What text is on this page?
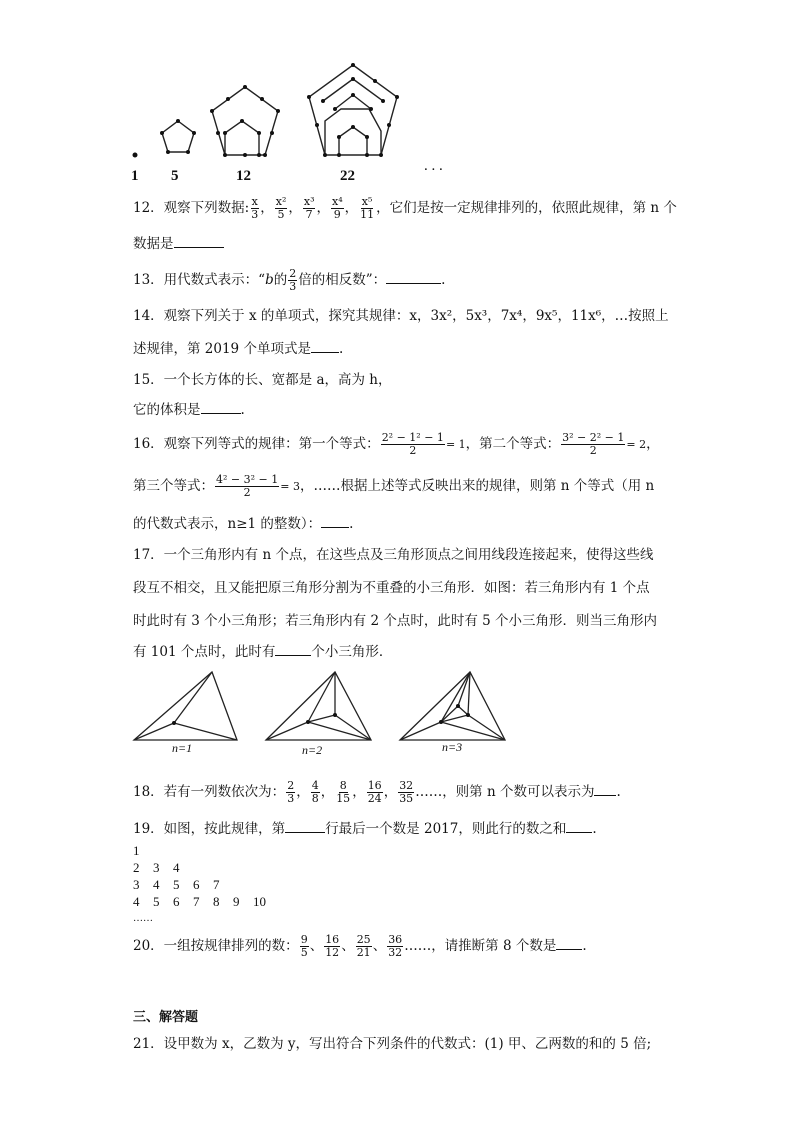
1 5	12	22
. . .
12．观察下列数据: $\frac{x}{3}$ ， $\frac{\text{x²}}{5}$ ， $\frac{\text{x³}}{7}$ ， $\frac{\text{x⁴}}{9}$ ， $\frac{\text{x⁵}}{11}$ ，它们是按一定规律排列的，依照此规律，第 n 个
数据是
13．用代数式表示：“b的 $\frac{2}{3}$ 倍的相反数”：	.
14．观察下列关于 x 的单项式，探究其规律：x，3x²，5x³，7x⁴，9x⁵，11x⁶，…按照上
述规律，第 2019 个单项式是 .
15．一个长方体的长、宽都是 a，高为 h，
它的体积是	.
16．观察下列等式的规律：第一个等式： $\frac{\text{2² − 1² − 1}}{2} = 1$，第二个等式： $\frac{\text{3² − 2² − 1}}{2} = 2$，
第三个等式： $\frac{\text{4² − 3² − 1}}{2} = 3$，……根据上述等式反映出来的规律，则第 n 个等式（用 n
的代数式表示，n≥1 的整数）： .
17．一个三角形内有 n 个点，在这些点及三角形顶点之间用线段连接起来，使得这些线
段互不相交，且又能把原三角形分割为不重叠的小三角形．如图：若三角形内有 1 个点
时此时有 3 个小三角形；若三角形内有 2 个点时，此时有 5 个小三角形．则当三角形内
有 101 个点时，此时有	个小三角形．
n=1	n=2	n=3
18．若有一列数依次为： $\frac{2}{3}$ ， $\frac{4}{8}$ ， $\frac{8}{15}$ ， $\frac{16}{24}$ ， $\frac{32}{35}$ ……，则第 n 个数可以表示为 .
19．如图，按此规律，第	行最后一个数是 2017，则此行的数之和 .
1
2 3 4
3 4 5 6 7
4 5 6 7 8 9 10
……
20．一组按规律排列的数： $\frac{9}{5}$ 、 $\frac{16}{12}$ 、 $\frac{25}{21}$ 、 $\frac{36}{32}$ ……，请推断第 8 个数是 .
三、解答题
21．设甲数为 x，乙数为 y，写出符合下列条件的代数式：(1) 甲、乙两数的和的 5 倍;
